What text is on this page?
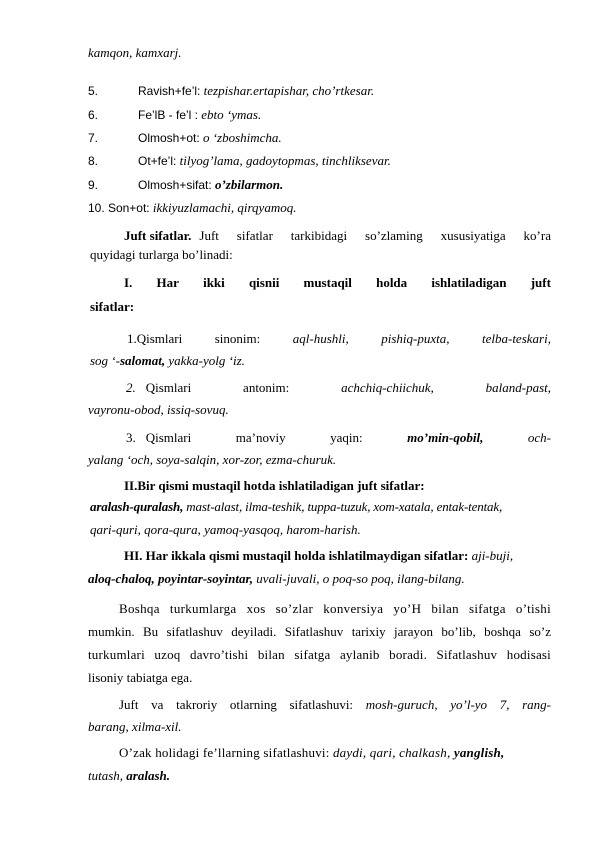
kamqon, kamxarj.
5.	Ravish+fe’l: tezpishar.ertapishar, cho’rtkesar.
6.	Fe’lB - fe’l : ebto ‘ymas.
7.	Olmosh+ot: o ‘zboshimcha.
8.	Ot+fe’l: tilyog’lama, gadoytopmas, tinchliksevar.
9.	Olmosh+sifat: o’zbilarmon.
10. Son+ot: ikkiyuzlamachi, qirqyamoq.
Juft sifatlar. Juft sifatlar tarkibidagi so’zlaming xususiyatiga ko’ra
quyidagi turlarga bo’linadi:
I. Har ikki qisnii mustaqil holda ishlatiladigan juft
sifatlar:
1.Qismlari	sinonim:	aql-hushli,	pishiq-puxta,	telba-teskari,
sog ‘-salomat, yakka-yolg ‘iz.
2. Qismlari	antonim:	achchiq-chiichuk,	baland-past,
vayronu-obod, issiq-sovuq.
3. Qismlari	ma’noviy	yaqin:	mo’min-qobil,	och-
yalang ‘och, soya-salqin, xor-zor, ezma-churuk.
II.Bir qismi mustaqil hotda ishlatiladigan juft sifatlar:
aralash-quralash, mast-alast, ilma-teshik, tuppa-tuzuk, xom-xatala, entak-tentak,
qari-quri, qora-qura, yamoq-yasqoq, harom-harish.
HI. Har ikkala qismi mustaqil holda ishlatilmaydigan sifatlar: aji-buji,
aloq-chaloq, poyintar-soyintar, uvali-juvali, o poq-so poq, ilang-bilang.
Boshqa turkumlarga xos so’zlar konversiya yo’H bilan sifatga o’tishi
mumkin. Bu sifatlashuv deyiladi. Sifatlashuv tarixiy jarayon bo’lib, boshqa so’z
turkumlari uzoq davro’tishi bilan sifatga aylanib boradi. Sifatlashuv hodisasi
lisoniy tabiatga ega.
Juft va takroriy otlarning sifatlashuvi: mosh-guruch, yo’l-yo 7, rang-
barang, xilma-xil.
O’zak holidagi fe’llarning sifatlashuvi: daydi, qari, chalkash, yanglish,
tutash, aralash.
